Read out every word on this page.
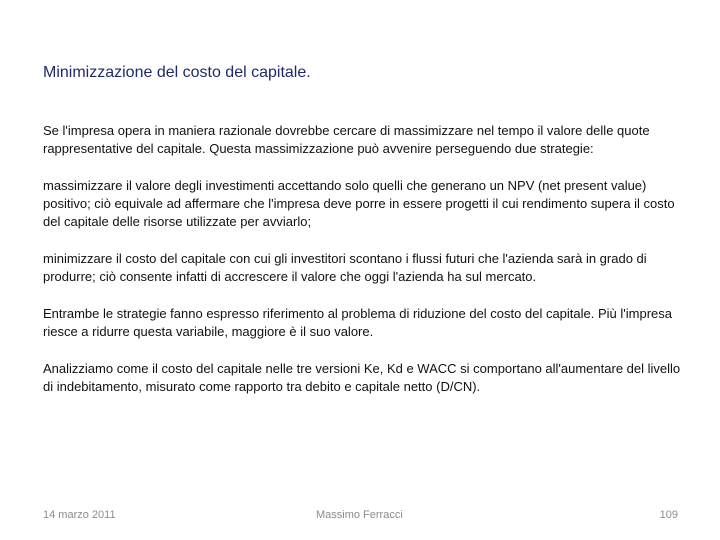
Minimizzazione del costo del capitale.

Se l'impresa opera in maniera razionale dovrebbe cercare di massimizzare nel tempo il valore delle quote rappresentative del capitale. Questa massimizzazione può avvenire perseguendo due strategie:

massimizzare il valore degli investimenti accettando solo quelli che generano un NPV (net present value) positivo; ciò equivale ad affermare che l'impresa deve porre in essere progetti il cui rendimento supera il costo del capitale delle risorse utilizzate per avviarlo;

minimizzare il costo del capitale con cui gli investitori scontano i flussi futuri che l'azienda sarà in grado di produrre; ciò consente infatti di accrescere il valore che oggi l'azienda ha sul mercato.

Entrambe le strategie fanno espresso riferimento al problema di riduzione del costo del capitale. Più l'impresa riesce a ridurre questa variabile, maggiore è il suo valore.

Analizziamo come il costo del capitale nelle tre versioni Ke, Kd e WACC si comportano all'aumentare del livello di indebitamento, misurato come rapporto tra debito e capitale netto (D/CN).

14 marzo 2011	Massimo Ferracci	109
